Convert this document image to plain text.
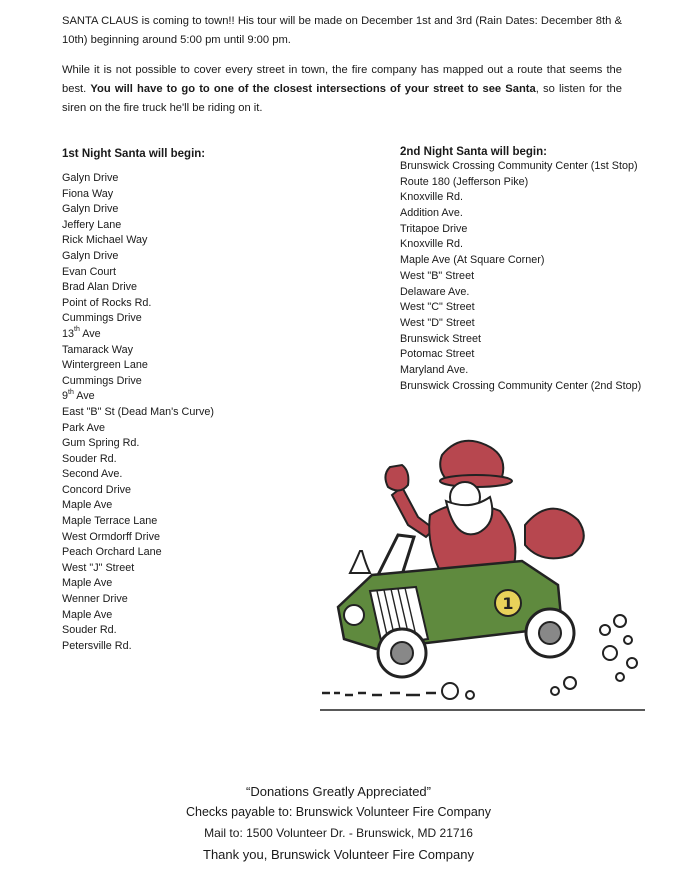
SANTA CLAUS is coming to town!! His tour will be made on December 1st and 3rd (Rain Dates: December 8th & 10th) beginning around 5:00 pm until 9:00 pm.

While it is not possible to cover every street in town, the fire company has mapped out a route that seems the best. You will have to go to one of the closest intersections of your street to see Santa, so listen for the siren on the fire truck he'll be riding on it.

1st Night Santa will begin:
Galyn Drive
Fiona Way
Galyn Drive
Jeffery Lane
Rick Michael Way
Galyn Drive
Evan Court
Brad Alan Drive
Point of Rocks Rd.
Cummings Drive
13th Ave
Tamarack Way
Wintergreen Lane
Cummings Drive
9th Ave
East "B" St (Dead Man's Curve)
Park Ave
Gum Spring Rd.
Souder Rd.
Second Ave.
Concord Drive
Maple Ave
Maple Terrace Lane
West Ormdorff Drive
Peach Orchard Lane
West "J" Street
Maple Ave
Wenner Drive
Maple Ave
Souder Rd.
Petersville Rd.
2nd Night Santa will begin:
Brunswick Crossing Community Center (1st Stop)
Route 180 (Jefferson Pike)
Knoxville Rd.
Addition Ave.
Tritapoe Drive
Knoxville Rd.
Maple Ave (At Square Corner)
West "B" Street
Delaware Ave.
West "C" Street
West "D" Street
Brunswick Street
Potomac Street
Maryland Ave.
Brunswick Crossing Community Center (2nd Stop)
1
“Donations Greatly Appreciated”
Checks payable to: Brunswick Volunteer Fire Company
Mail to: 1500 Volunteer Dr. - Brunswick, MD 21716
Thank you, Brunswick Volunteer Fire Company
